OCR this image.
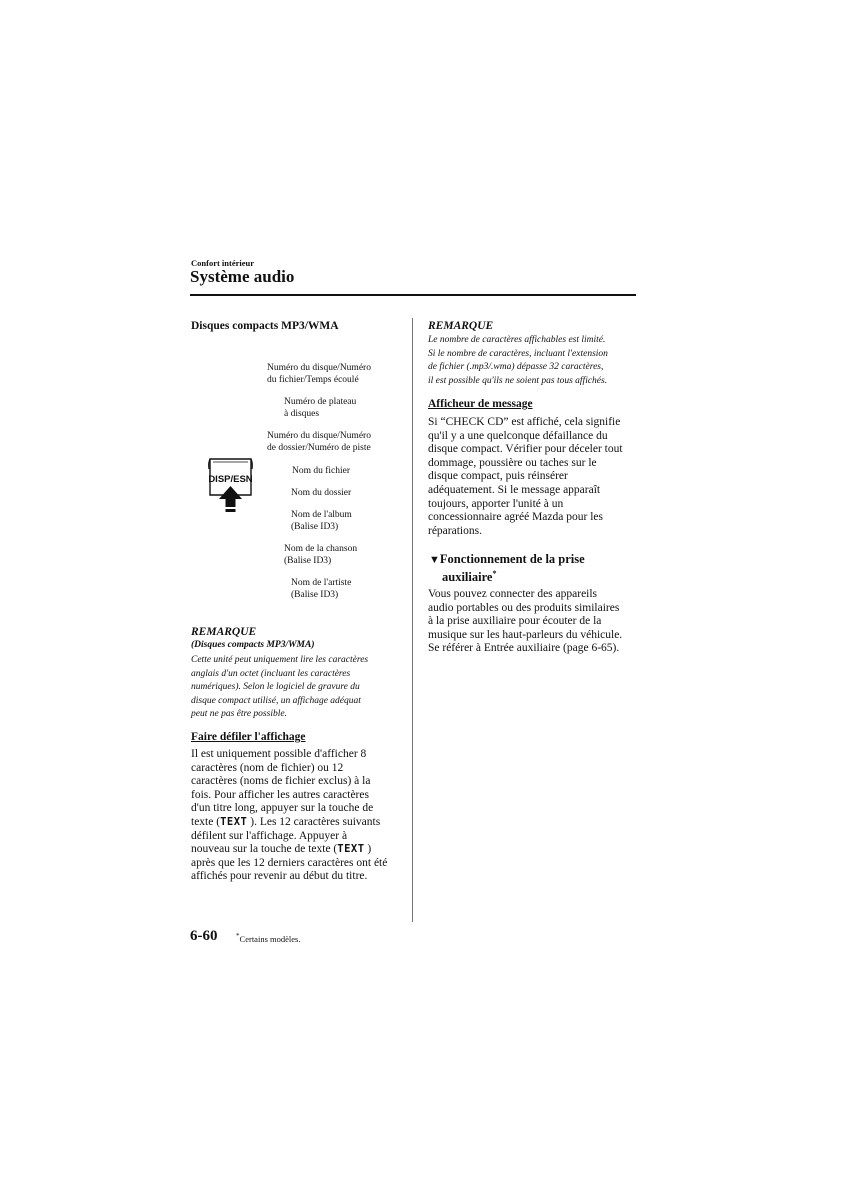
Confort intérieur
Système audio
Disques compacts MP3/WMA
Numéro du disque/Numéro
du fichier/Temps écoulé
Numéro de plateau
à disques
Numéro du disque/Numéro
de dossier/Numéro de piste
Nom du fichier
Nom du dossier
Nom de l'album
(Balise ID3)
Nom de la chanson
(Balise ID3)
Nom de l'artiste
(Balise ID3)
DISP/ESN
REMARQUE
(Disques compacts MP3/WMA)
Cette unité peut uniquement lire les caractères
anglais d'un octet (incluant les caractères
numériques). Selon le logiciel de gravure du
disque compact utilisé, un affichage adéquat
peut ne pas être possible.
Faire défiler l'affichage
Il est uniquement possible d'afficher 8
caractères (nom de fichier) ou 12
caractères (noms de fichier exclus) à la
fois. Pour afficher les autres caractères
d'un titre long, appuyer sur la touche de
texte (TEXT ). Les 12 caractères suivants
défilent sur l'affichage. Appuyer à
nouveau sur la touche de texte (TEXT )
après que les 12 derniers caractères ont été
affichés pour revenir au début du titre.
REMARQUE
Le nombre de caractères affichables est limité.
Si le nombre de caractères, incluant l'extension
de fichier (.mp3/.wma) dépasse 32 caractères,
il est possible qu'ils ne soient pas tous affichés.
Afficheur de message
Si “CHECK CD” est affiché, cela signifie
qu'il y a une quelconque défaillance du
disque compact. Vérifier pour déceler tout
dommage, poussière ou taches sur le
disque compact, puis réinsérer
adéquatement. Si le message apparaît
toujours, apporter l'unité à un
concessionnaire agréé Mazda pour les
réparations.
▼Fonctionnement de la prise
auxiliaire*
Vous pouvez connecter des appareils
audio portables ou des produits similaires
à la prise auxiliaire pour écouter de la
musique sur les haut-parleurs du véhicule.
Se référer à Entrée auxiliaire (page 6-65).
6-60	*Certains modèles.
